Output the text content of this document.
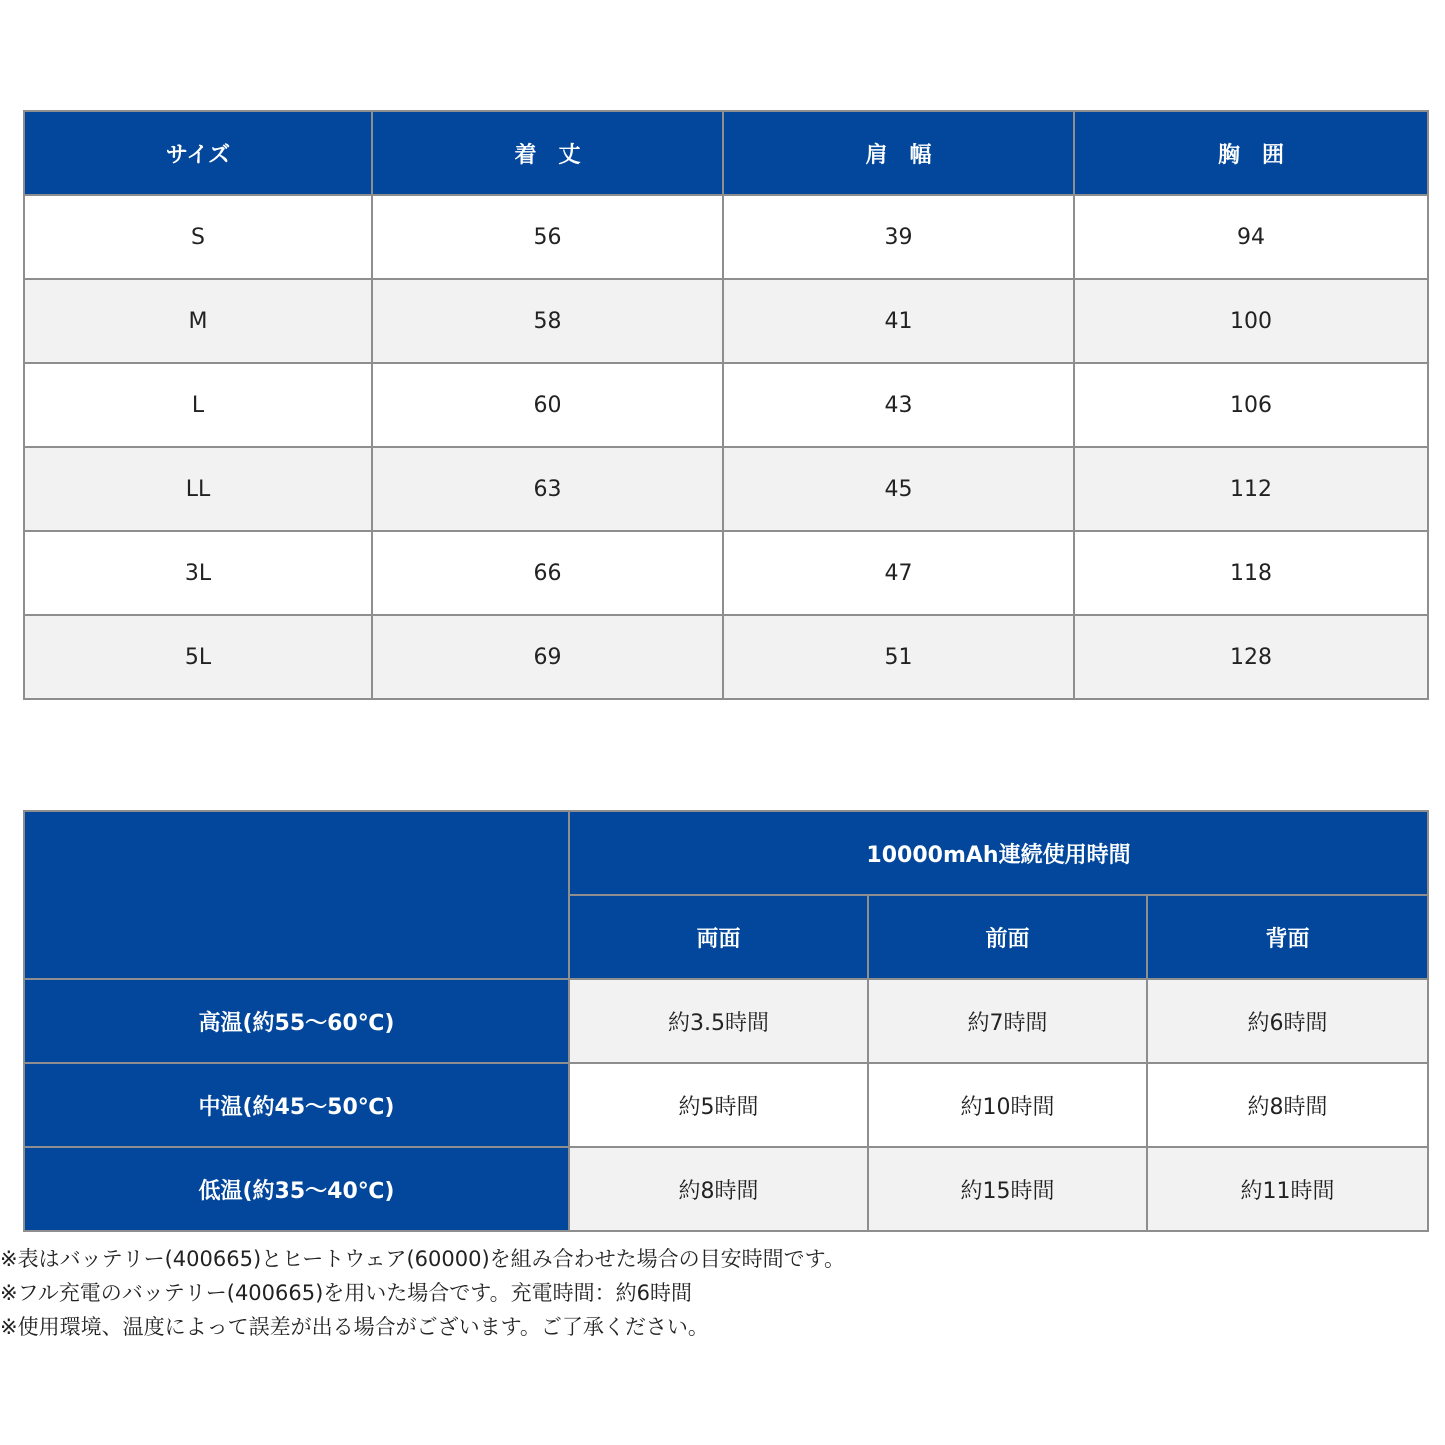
サイズ	着　丈	肩　幅	胸　囲
S	56	39	94
M	58	41	100
L	60	43	106
LL	63	45	112
3L	66	47	118
5L	69	51	128
	10000mAh連続使用時間		
	両面	前面	背面
高温(約55〜60℃)	約3.5時間	約7時間	約6時間
中温(約45〜50℃)	約5時間	約10時間	約8時間
低温(約35〜40℃)	約8時間	約15時間	約11時間

※表はバッテリー(400665)とヒートウェア(60000)を組み合わせた場合の目安時間です。

※フル充電のバッテリー(400665)を用いた場合です。充電時間：約6時間

※使用環境、温度によって誤差が出る場合がございます。ご了承ください。
